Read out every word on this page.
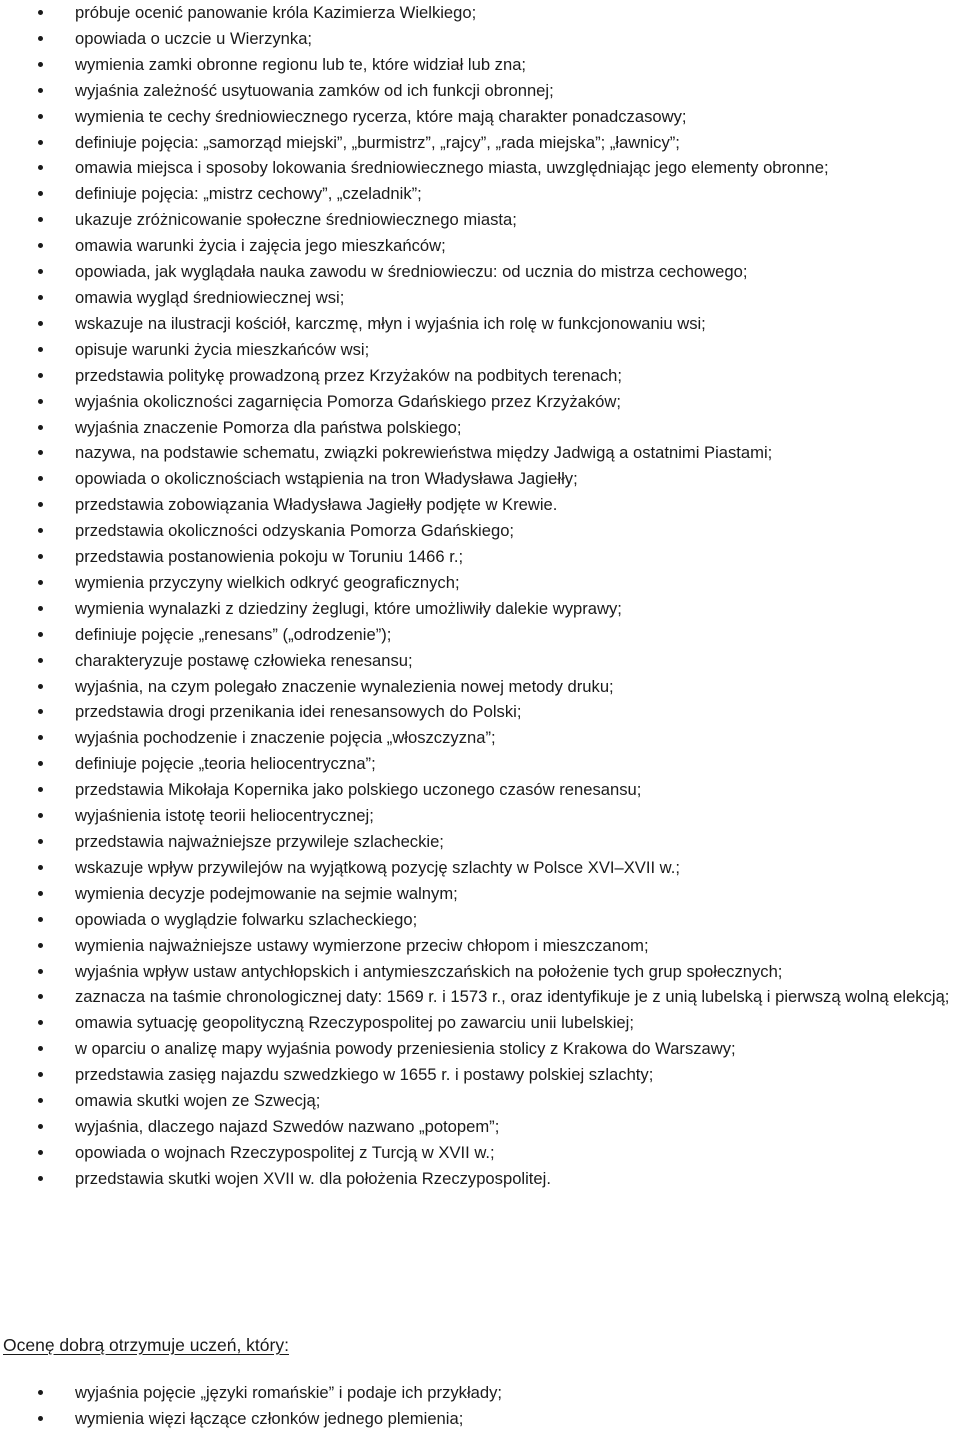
próbuje ocenić panowanie króla Kazimierza Wielkiego;
opowiada o uczcie u Wierzynka;
wymienia zamki obronne regionu lub te, które widział lub zna;
wyjaśnia zależność usytuowania zamków od ich funkcji obronnej;
wymienia te cechy średniowiecznego rycerza, które mają charakter ponadczasowy;
definiuje pojęcia: „samorząd miejski”, „burmistrz”, „rajcy”, „rada miejska”; „ławnicy”;
omawia miejsca i sposoby lokowania średniowiecznego miasta, uwzględniając jego elementy obronne;
definiuje pojęcia: „mistrz cechowy”, „czeladnik”;
ukazuje zróżnicowanie społeczne średniowiecznego miasta;
omawia warunki życia i zajęcia jego mieszkańców;
opowiada, jak wyglądała nauka zawodu w średniowieczu: od ucznia do mistrza cechowego;
omawia wygląd średniowiecznej wsi;
wskazuje na ilustracji kościół, karczmę, młyn i wyjaśnia ich rolę w funkcjonowaniu wsi;
opisuje warunki życia mieszkańców wsi;
przedstawia politykę prowadzoną przez Krzyżaków na podbitych terenach;
wyjaśnia okoliczności zagarnięcia Pomorza Gdańskiego przez Krzyżaków;
wyjaśnia znaczenie Pomorza dla państwa polskiego;
nazywa, na podstawie schematu, związki pokrewieństwa między Jadwigą a ostatnimi Piastami;
opowiada o okolicznościach wstąpienia na tron Władysława Jagiełły;
przedstawia zobowiązania Władysława Jagiełły podjęte w Krewie.
przedstawia okoliczności odzyskania Pomorza Gdańskiego;
przedstawia postanowienia pokoju w Toruniu 1466 r.;
wymienia przyczyny wielkich odkryć geograficznych;
wymienia wynalazki z dziedziny żeglugi, które umożliwiły dalekie wyprawy;
definiuje pojęcie „renesans” („odrodzenie”);
charakteryzuje postawę człowieka renesansu;
wyjaśnia, na czym polegało znaczenie wynalezienia nowej metody druku;
przedstawia drogi przenikania idei renesansowych do Polski;
wyjaśnia pochodzenie i znaczenie pojęcia „włoszczyzna”;
definiuje pojęcie „teoria heliocentryczna”;
przedstawia Mikołaja Kopernika jako polskiego uczonego czasów renesansu;
wyjaśnienia istotę teorii heliocentrycznej;
przedstawia najważniejsze przywileje szlacheckie;
wskazuje wpływ przywilejów na wyjątkową pozycję szlachty w Polsce XVI–XVII w.;
wymienia decyzje podejmowanie na sejmie walnym;
opowiada o wyglądzie folwarku szlacheckiego;
wymienia najważniejsze ustawy wymierzone przeciw chłopom i mieszczanom;
wyjaśnia wpływ ustaw antychłopskich i antymieszczańskich na położenie tych grup społecznych;
zaznacza na taśmie chronologicznej daty: 1569 r. i 1573 r., oraz identyfikuje je z unią lubelską i pierwszą wolną elekcją;
omawia sytuację geopolityczną Rzeczypospolitej po zawarciu unii lubelskiej;
w oparciu o analizę mapy wyjaśnia powody przeniesienia stolicy z Krakowa do Warszawy;
przedstawia zasięg najazdu szwedzkiego w 1655 r. i postawy polskiej szlachty;
omawia skutki wojen ze Szwecją;
wyjaśnia, dlaczego najazd Szwedów nazwano „potopem”;
opowiada o wojnach Rzeczypospolitej z Turcją w XVII w.;
przedstawia skutki wojen XVII w. dla położenia Rzeczypospolitej.
Ocenę dobrą otrzymuje uczeń, który:
wyjaśnia pojęcie „języki romańskie” i podaje ich przykłady;
wymienia więzi łączące członków jednego plemienia;
